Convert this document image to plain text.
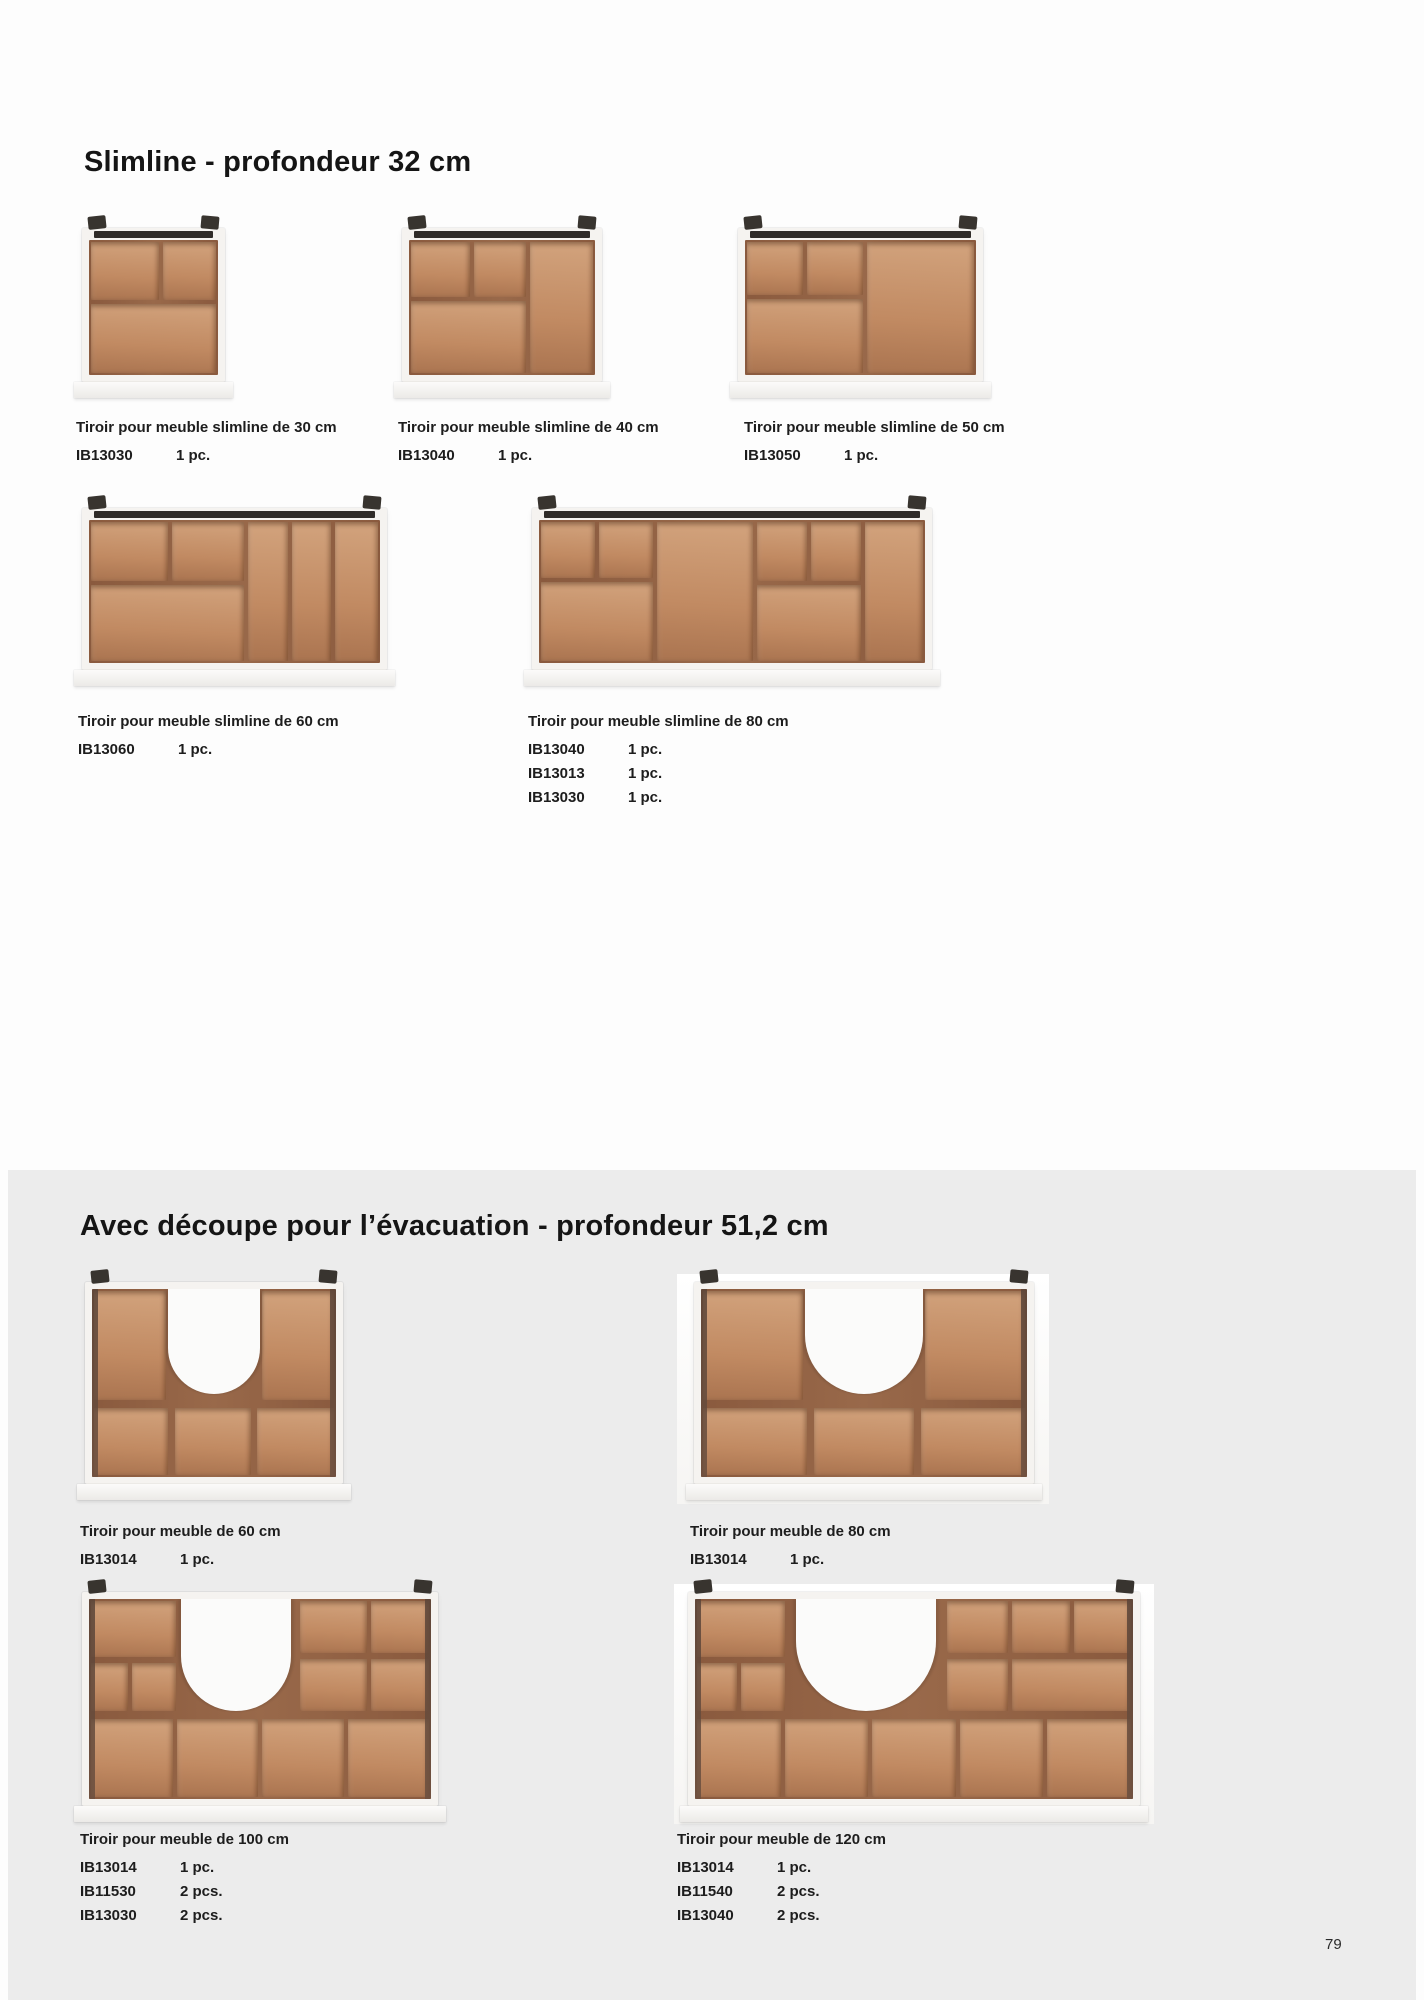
Slimline - profondeur 32 cm
Avec découpe pour l’évacuation - profondeur 51,2 cm
Tiroir pour meuble slimline de 30 cm
IB13030	1 pc.
Tiroir pour meuble slimline de 40 cm
IB13040	1 pc.
Tiroir pour meuble slimline de 50 cm
IB13050	1 pc.
Tiroir pour meuble slimline de 60 cm
IB13060	1 pc.
Tiroir pour meuble slimline de 80 cm
IB13040	1 pc.
IB13013	1 pc.
IB13030	1 pc.
Tiroir pour meuble de 60 cm
IB13014	1 pc.
Tiroir pour meuble de 80 cm
IB13014	1 pc.
Tiroir pour meuble de 100 cm
IB13014	1 pc.
IB11530	2 pcs.
IB13030	2 pcs.
Tiroir pour meuble de 120 cm
IB13014	1 pc.
IB11540	2 pcs.
IB13040	2 pcs.
79
